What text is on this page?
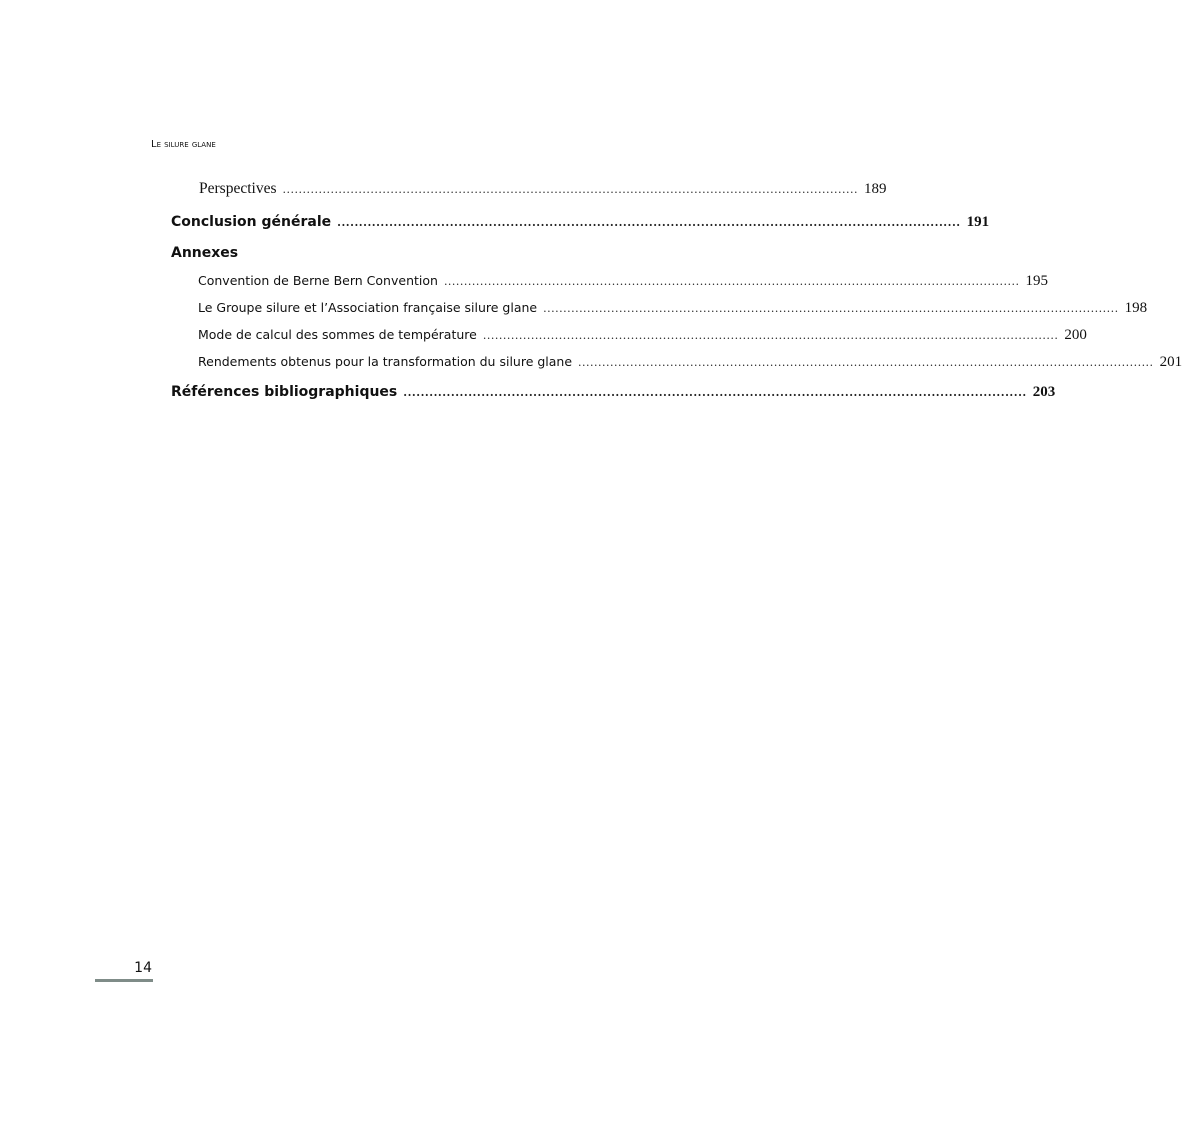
Le silure glane
Perspectives ................................................................................................................................................ 189
Conclusion générale ................................................................................................................................................ 191
Annexes
Convention de Berne Bern Convention ................................................................................................................................................ 195
Le Groupe silure et l’Association française silure glane ................................................................................................................................................ 198
Mode de calcul des sommes de température ................................................................................................................................................ 200
Rendements obtenus pour la transformation du silure glane ................................................................................................................................................ 201
Références bibliographiques ................................................................................................................................................ 203
14
